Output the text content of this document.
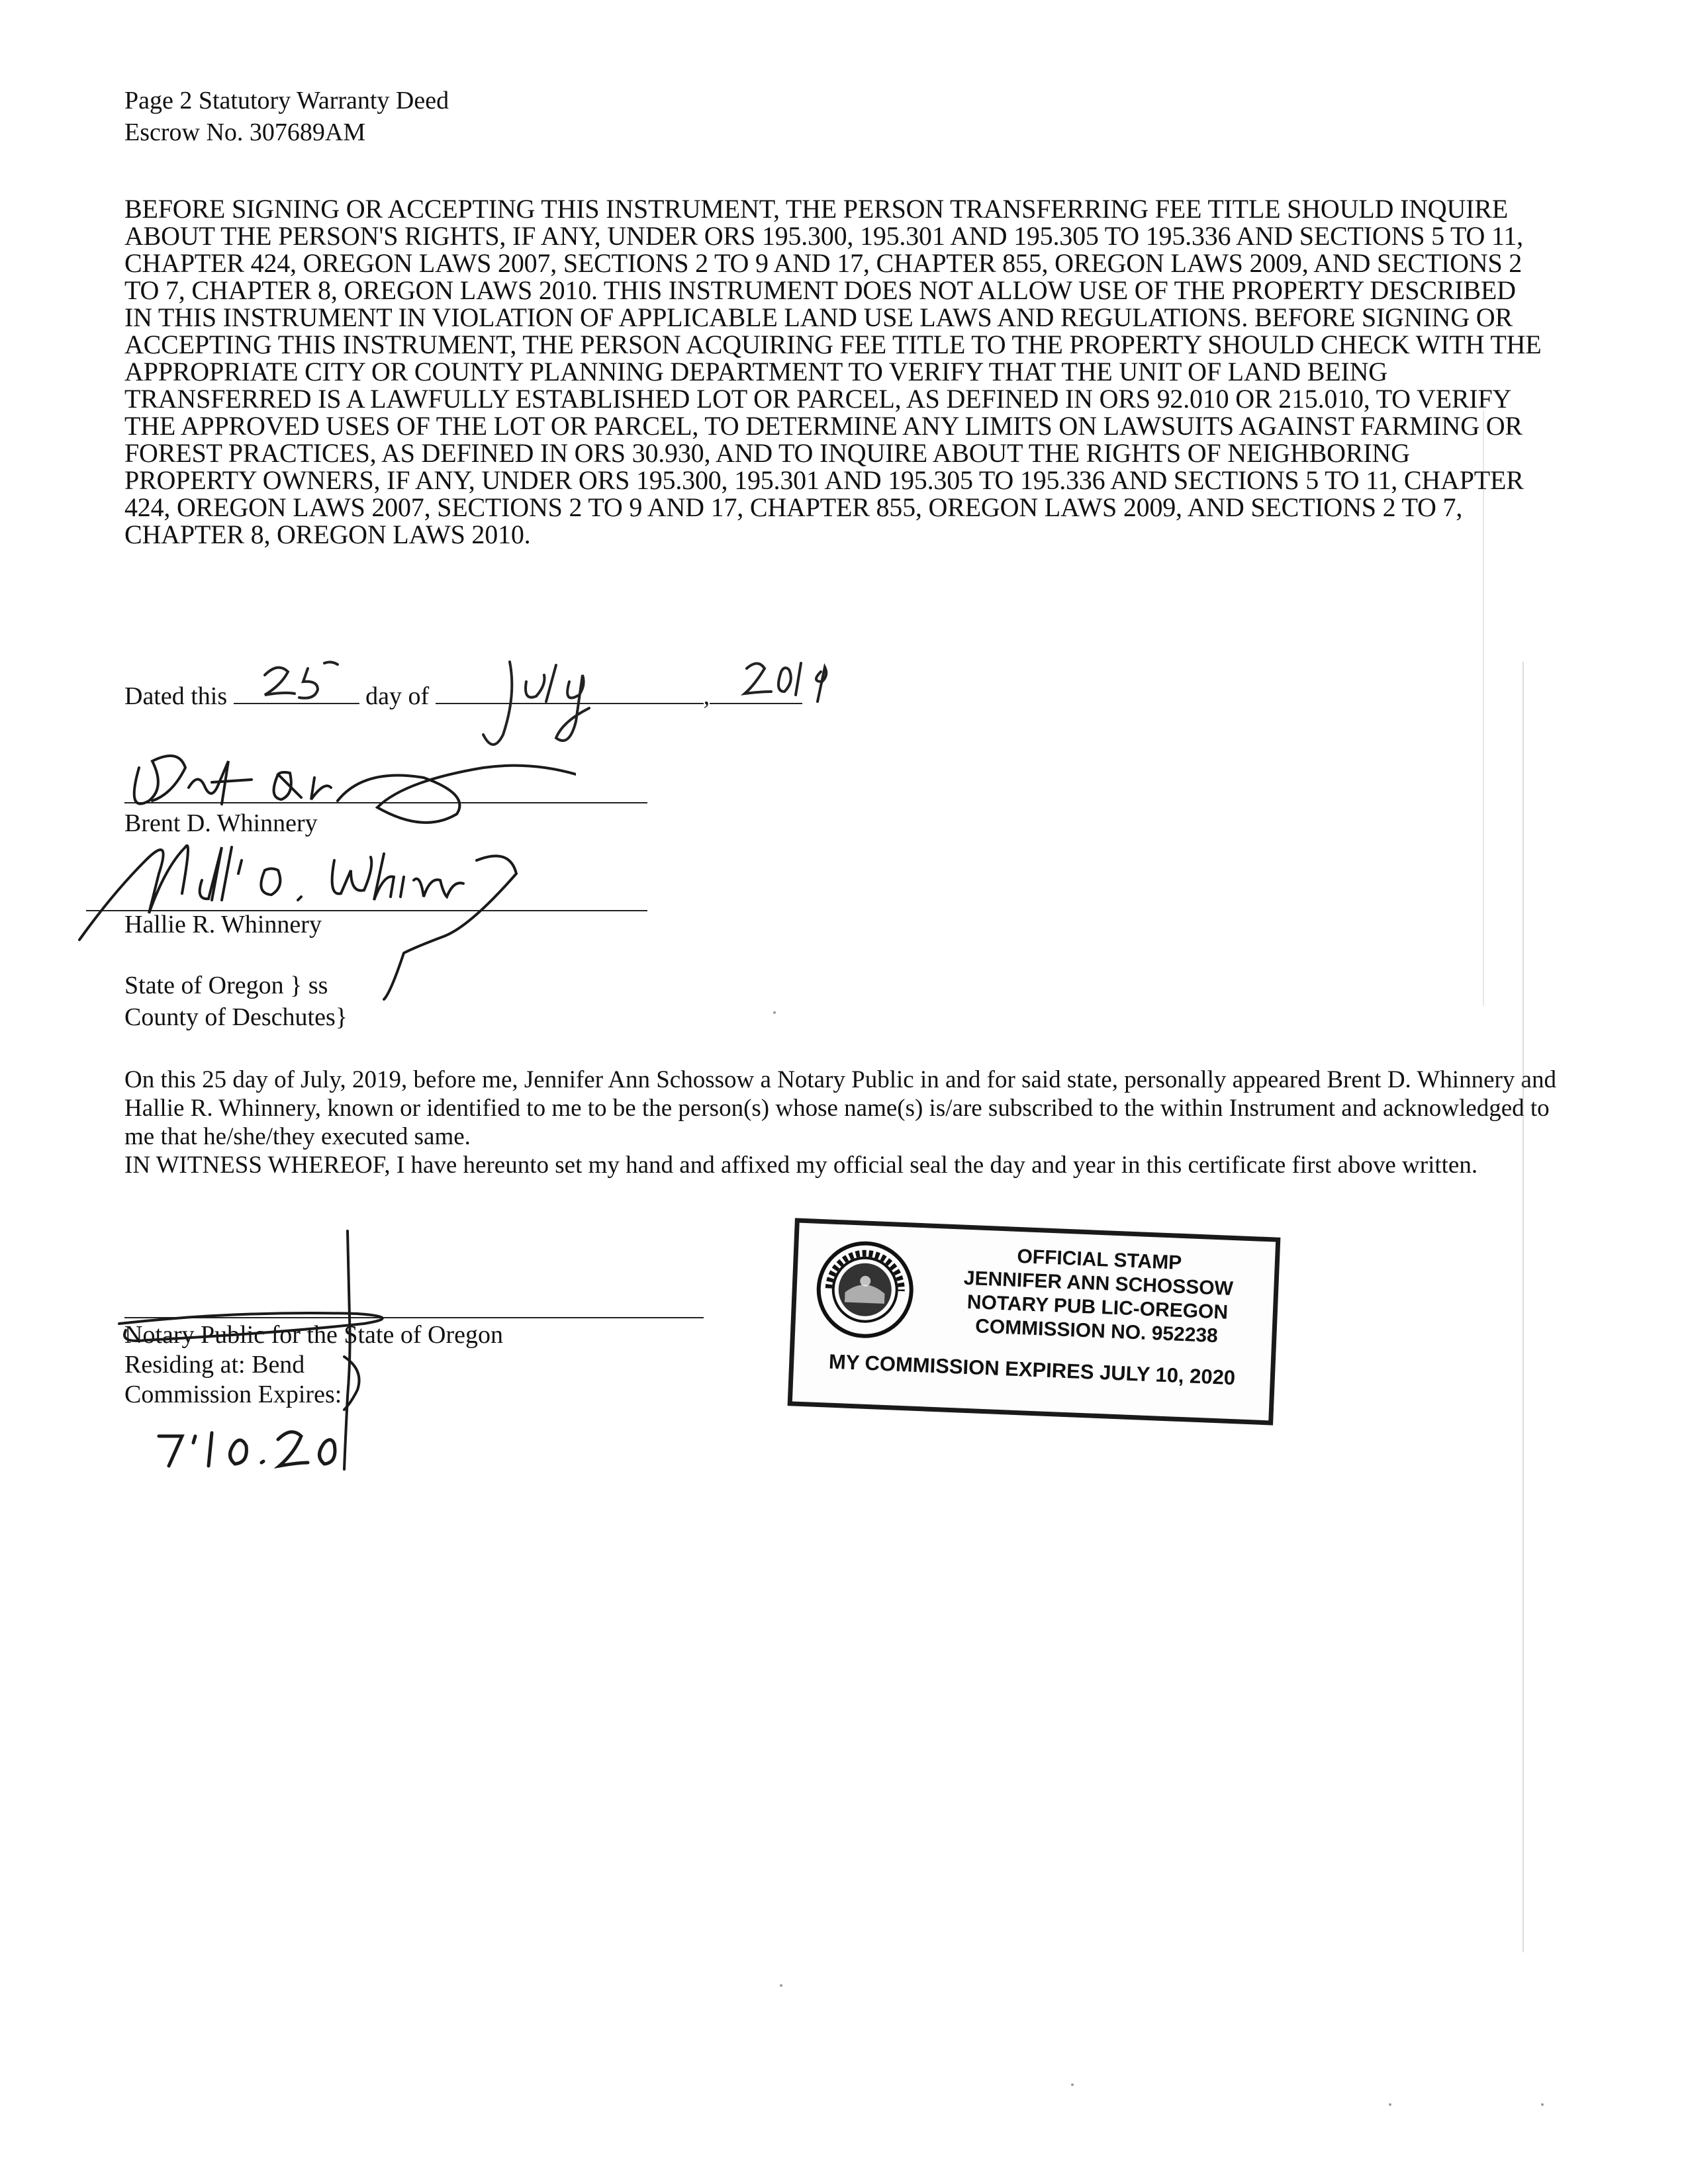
Page 2 Statutory Warranty Deed
Escrow No. 307689AM
BEFORE SIGNING OR ACCEPTING THIS INSTRUMENT, THE PERSON TRANSFERRING FEE TITLE SHOULD INQUIRE ABOUT THE PERSON'S RIGHTS, IF ANY, UNDER ORS 195.300, 195.301 AND 195.305 TO 195.336 AND SECTIONS 5 TO 11, CHAPTER 424, OREGON LAWS 2007, SECTIONS 2 TO 9 AND 17, CHAPTER 855, OREGON LAWS 2009, AND SECTIONS 2 TO 7, CHAPTER 8, OREGON LAWS 2010. THIS INSTRUMENT DOES NOT ALLOW USE OF THE PROPERTY DESCRIBED IN THIS INSTRUMENT IN VIOLATION OF APPLICABLE LAND USE LAWS AND REGULATIONS. BEFORE SIGNING OR ACCEPTING THIS INSTRUMENT, THE PERSON ACQUIRING FEE TITLE TO THE PROPERTY SHOULD CHECK WITH THE APPROPRIATE CITY OR COUNTY PLANNING DEPARTMENT TO VERIFY THAT THE UNIT OF LAND BEING TRANSFERRED IS A LAWFULLY ESTABLISHED LOT OR PARCEL, AS DEFINED IN ORS 92.010 OR 215.010, TO VERIFY THE APPROVED USES OF THE LOT OR PARCEL, TO DETERMINE ANY LIMITS ON LAWSUITS AGAINST FARMING OR FOREST PRACTICES, AS DEFINED IN ORS 30.930, AND TO INQUIRE ABOUT THE RIGHTS OF NEIGHBORING PROPERTY OWNERS, IF ANY, UNDER ORS 195.300, 195.301 AND 195.305 TO 195.336 AND SECTIONS 5 TO 11, CHAPTER 424, OREGON LAWS 2007, SECTIONS 2 TO 9 AND 17, CHAPTER 855, OREGON LAWS 2009, AND SECTIONS 2 TO 7, CHAPTER 8, OREGON LAWS 2010.
Dated this	day of	,
Brent D. Whinnery
Hallie R. Whinnery
State of Oregon } ss
County of Deschutes}
On this 25 day of July, 2019, before me, Jennifer Ann Schossow a Notary Public in and for said state, personally appeared Brent D. Whinnery and Hallie R. Whinnery, known or identified to me to be the person(s) whose name(s) is/are subscribed to the within Instrument and acknowledged to me that he/she/they executed same.
IN WITNESS WHEREOF, I have hereunto set my hand and affixed my official seal the day and year in this certificate first above written.
Notary Public for the State of Oregon
Residing at: Bend
Commission Expires:
OFFICIAL STAMP
JENNIFER ANN SCHOSSOW
NOTARY PUB LIC-OREGON
COMMISSION NO. 952238
MY COMMISSION EXPIRES JULY 10, 2020
